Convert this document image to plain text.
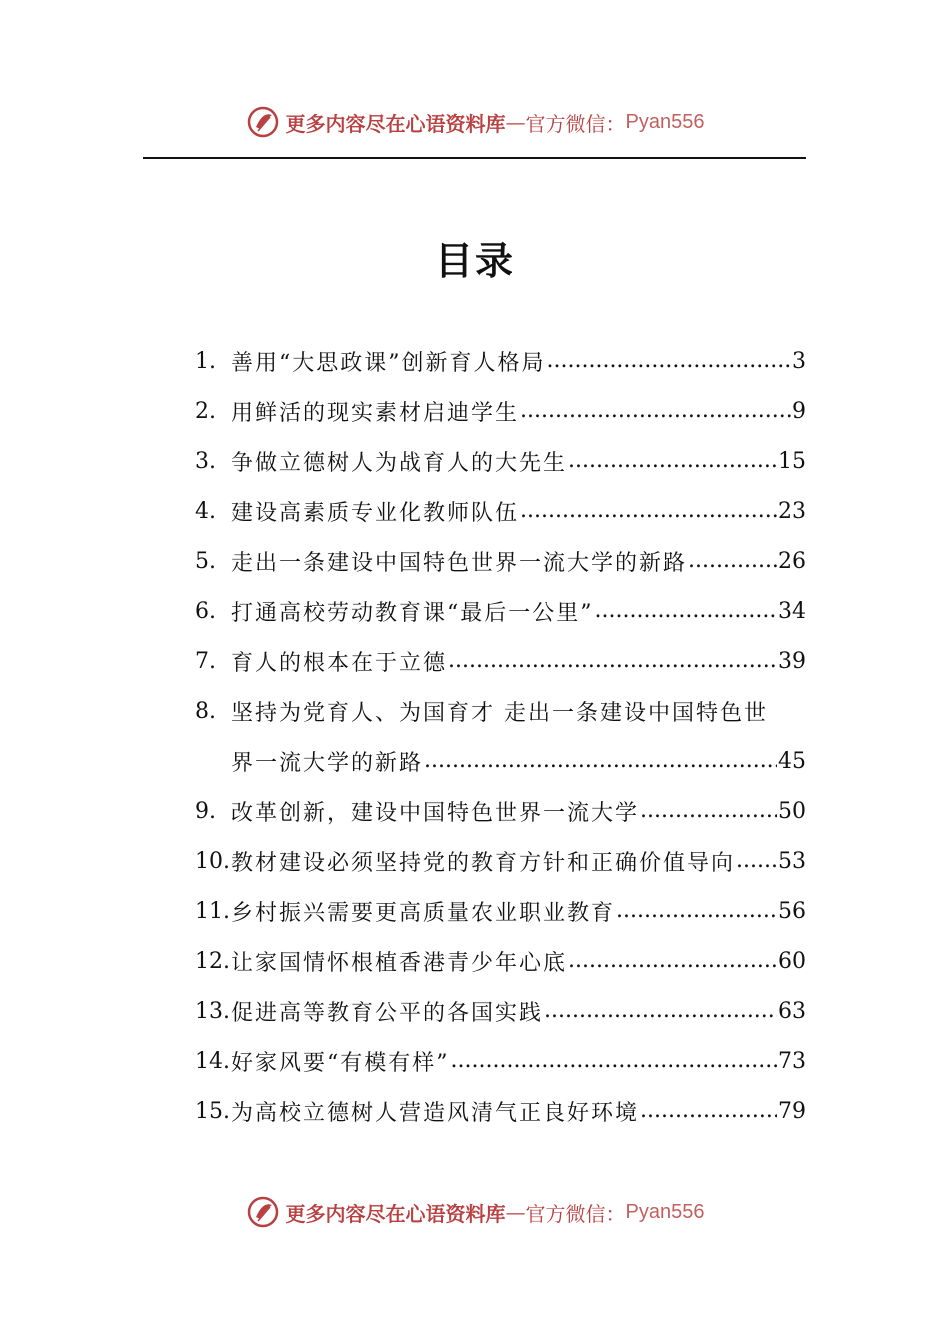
更多内容尽在心语资料库 — 官方微信： Pyan556
目录
1. 善用“大思政课”创新育人格局 .....	3
2. 用鲜活的现实素材启迪学生 .....	9
3. 争做立德树人为战育人的大先生 .....	15
4. 建设高素质专业化教师队伍 .....	23
5. 走出一条建设中国特色世界一流大学的新路 .....	26
6. 打通高校劳动教育课“最后一公里” .....	34
7. 育人的根本在于立德 .....	39
8. 坚持为党育人、为国育才 走出一条建设中国特色世
界一流大学的新路 .....	45
9. 改革创新，建设中国特色世界一流大学 .....	50
10. 教材建设必须坚持党的教育方针和正确价值导向 ..... 53
11. 乡村振兴需要更高质量农业职业教育 .....	56
12. 让家国情怀根植香港青少年心底 .....	60
13. 促进高等教育公平的各国实践 .....	63
14. 好家风要“有模有样” .....	73
15. 为高校立德树人营造风清气正良好环境 .....	79
更多内容尽在心语资料库 — 官方微信： Pyan556
